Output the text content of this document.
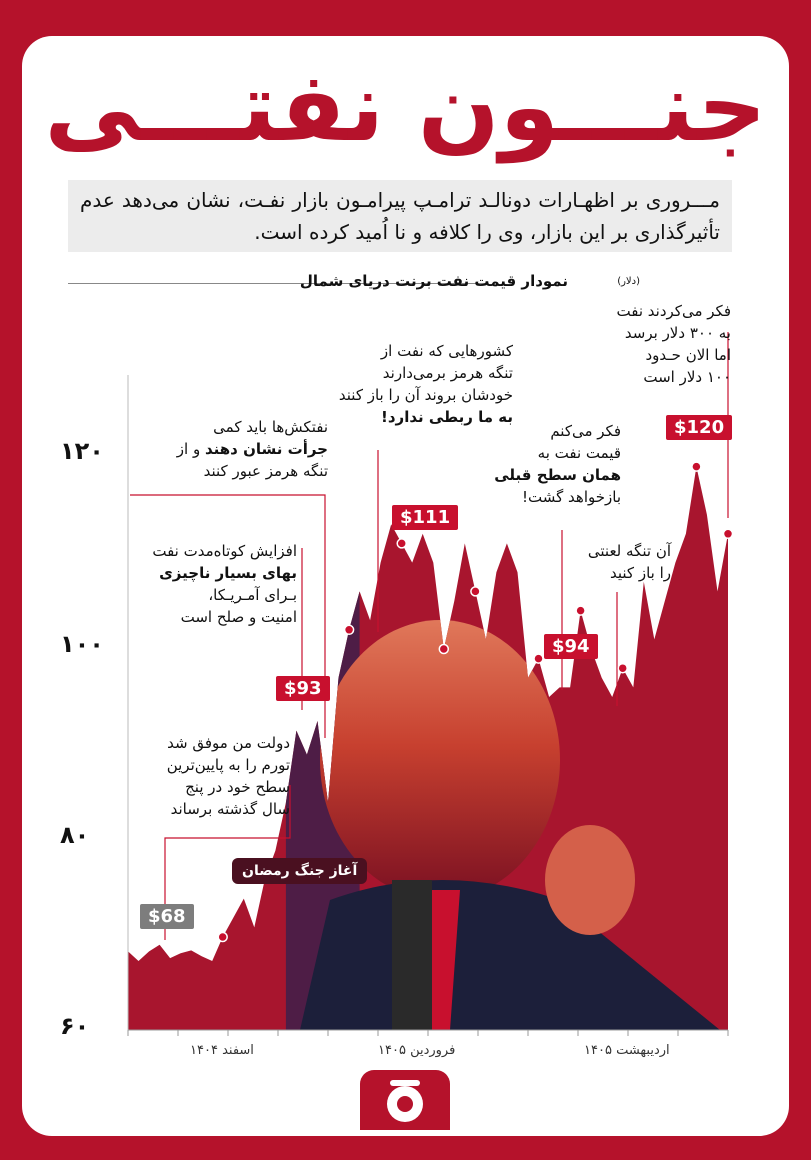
جنـــون نفتـــی
مـــروری بر اظهـارات دونالـد ترامـپ پیرامـون بازار نفـت، نشان می‌دهد عدم تأثیرگذاری بر این بازار، وی را کلافه و نا اُمید کرده است.
نمودار قیمت نفت برنت دریای شمال	(دلار)
۱۲۰
۱۰۰
۸۰
۶۰
اسفند ۱۴۰۴	فروردین ۱۴۰۵	اردیبهشت ۱۴۰۵
$68
$93
$111
$94
$120
آغاز جنگ رمضان
دولت من موفق شد
تورم را به پایین‌ترین
سطح خود در پنج
سال گذشته برساند
افزایش کوتاه‌مدت نفت
بهای بسیار ناچیزی
بـرای آمـریـکا،
امنیت و صلح است
نفتکش‌ها باید کمی
جرأت نشان دهند و از
تنگه هرمز عبور کنند
کشورهایی که نفت از
تنگه هرمز برمی‌دارند
خودشان بروند آن را باز کنند
به ما ربطی ندارد!
فکر می‌کنم
قیمت نفت به
همان سطح قبلی
بازخواهد گشت!
آن تنگه لعنتی
را باز کنید
فکر می‌کردند نفت
به ۳۰۰ دلار برسد
اما الان حـدود
۱۰۰ دلار است
